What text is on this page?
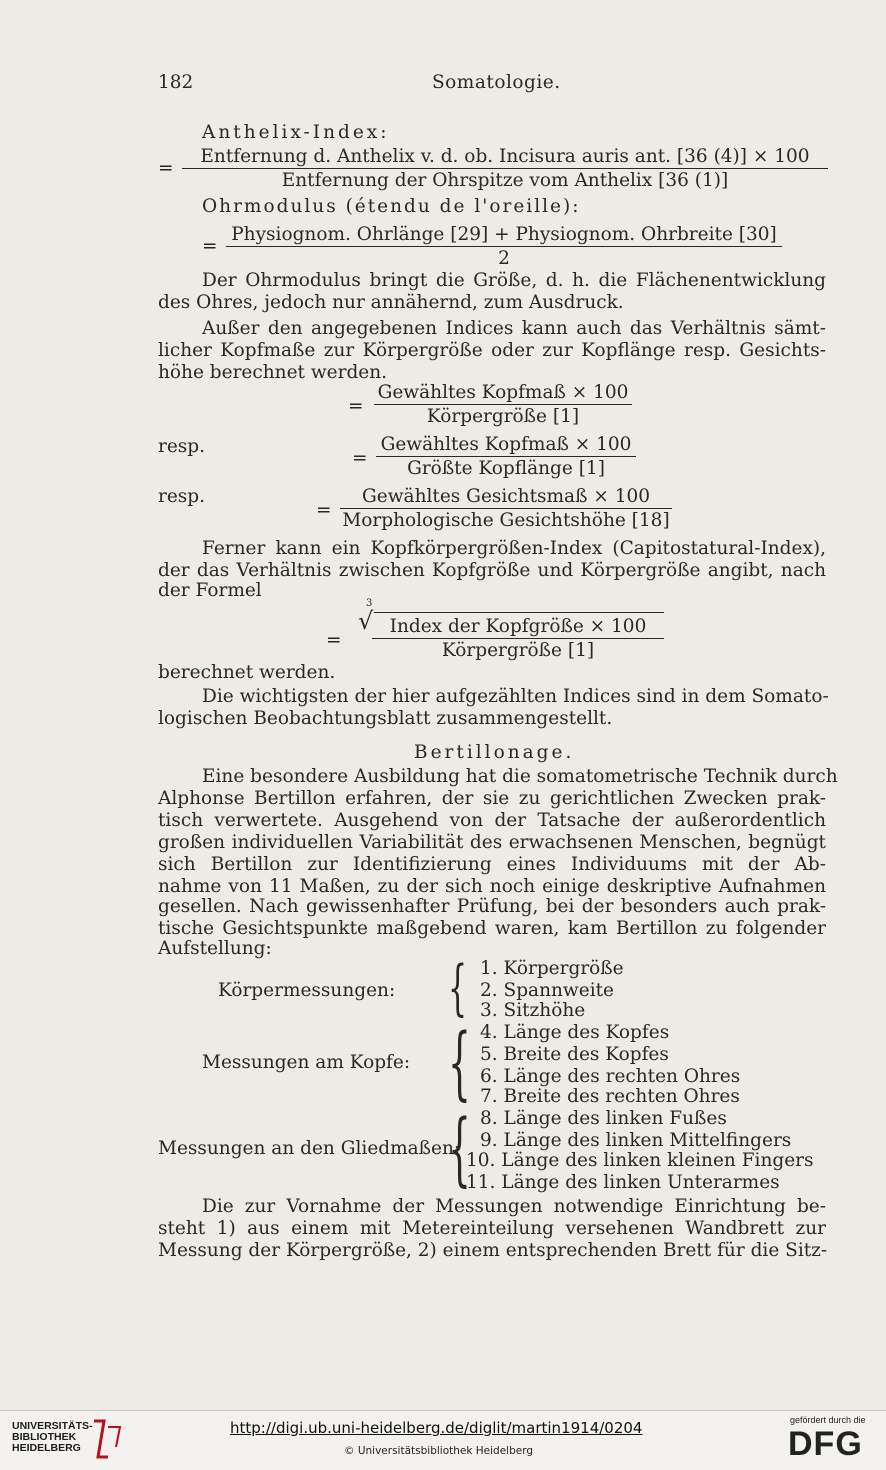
182	Somatologie.
Anthelix-Index:
=
Entfernung d. Anthelix v. d. ob. Incisura auris ant. [36 (4)] × 100
Entfernung der Ohrspitze vom Anthelix [36 (1)]
Ohrmodulus (étendu de l'oreille):
=
Physiognom. Ohrlänge [29] + Physiognom. Ohrbreite [30]
2
Der Ohrmodulus bringt die Größe, d. h. die Flächenentwicklung
des Ohres, jedoch nur annähernd, zum Ausdruck.
Außer den angegebenen Indices kann auch das Verhältnis sämt-
licher Kopfmaße zur Körpergröße oder zur Kopflänge resp. Gesichts-
höhe berechnet werden.
=
Gewähltes Kopfmaß × 100
Körpergröße [1]
resp.
=
Gewähltes Kopfmaß × 100
Größte Kopflänge [1]
resp.
=
Gewähltes Gesichtsmaß × 100
Morphologische Gesichtshöhe [18]
Ferner kann ein Kopfkörpergrößen-Index (Capitostatural-Index),
der das Verhältnis zwischen Kopfgröße und Körpergröße angibt, nach
der Formel
3
=
√ Index der Kopfgröße × 100
Körpergröße [1]
berechnet werden.
Die wichtigsten der hier aufgezählten Indices sind in dem Somato-
logischen Beobachtungsblatt zusammengestellt.
Bertillonage.
Eine besondere Ausbildung hat die somatometrische Technik durch
Alphonse Bertillon erfahren, der sie zu gerichtlichen Zwecken prak-
tisch verwertete. Ausgehend von der Tatsache der außerordentlich
großen individuellen Variabilität des erwachsenen Menschen, begnügt
sich Bertillon zur Identifizierung eines Individuums mit der Ab-
nahme von 11 Maßen, zu der sich noch einige deskriptive Aufnahmen
gesellen. Nach gewissenhafter Prüfung, bei der besonders auch prak-
tische Gesichtspunkte maßgebend waren, kam Bertillon zu folgender
Aufstellung:
Körpermessungen: { 1. Körpergröße
2. Spannweite
3. Sitzhöhe
Messungen am Kopfe: { 4. Länge des Kopfes
5. Breite des Kopfes
6. Länge des rechten Ohres
7. Breite des rechten Ohres
Messungen an den Gliedmaßen:
{ 8. Länge des linken Fußes
9. Länge des linken Mittelfingers
10. Länge des linken kleinen Fingers
11. Länge des linken Unterarmes
Die zur Vornahme der Messungen notwendige Einrichtung be-
steht 1) aus einem mit Metereinteilung versehenen Wandbrett zur
Messung der Körpergröße, 2) einem entsprechenden Brett für die Sitz-
UNIVERSITÄTS-
BIBLIOTHEK
HEIDELBERG
http://digi.ub.uni-heidelberg.de/diglit/martin1914/0204
© Universitätsbibliothek Heidelberg
gefördert durch die
DFG
